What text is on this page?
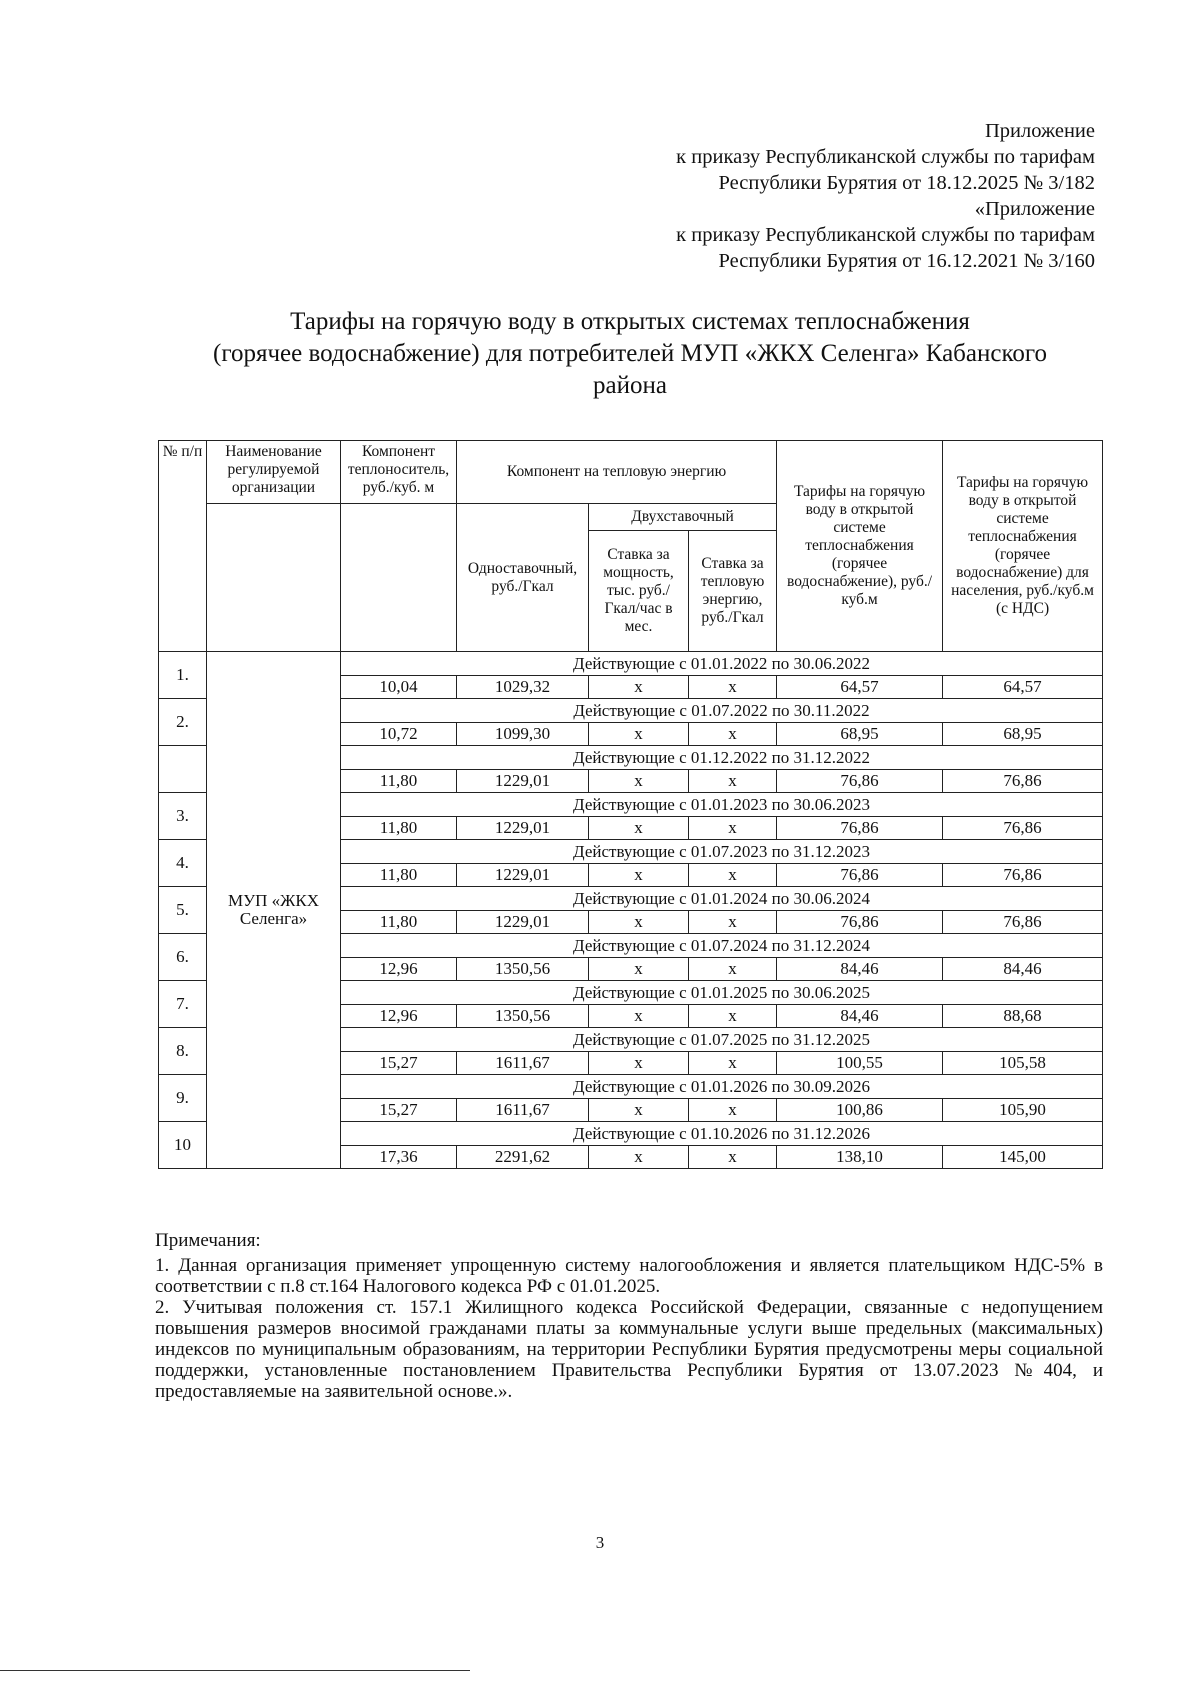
Приложение
к приказу Республиканской службы по тарифам
Республики Бурятия от 18.12.2025 № 3/182
«Приложение
к приказу Республиканской службы по тарифам
Республики Бурятия от 16.12.2021 № 3/160
Тарифы на горячую воду в открытых системах теплоснабжения
(горячее водоснабжение) для потребителей МУП «ЖКХ Селенга» Кабанского
района
№ п/п	Наименование регулируемой организации	Компонент теплоноситель, руб./куб. м	Компонент на тепловую энергию			Тарифы на горячую воду в открытой системе теплоснабжения (горячее водоснабжение), руб./куб.м	Тарифы на горячую воду в открытой системе теплоснабжения (горячее водоснабжение) для населения, руб./куб.м (с НДС)
			Одноставочный, руб./Гкал	Двухставочный			
				Ставка за мощность, тыс. руб./Гкал/час в мес.	Ставка за тепловую энергию, руб./Гкал		
1.	МУП «ЖКХ Селенга»	Действующие с 01.01.2022 по 30.06.2022					
		10,04	1029,32	х	х	64,57	64,57
2.		Действующие с 01.07.2022 по 30.11.2022					
		10,72	1099,30	х	х	68,95	68,95
		Действующие с 01.12.2022 по 31.12.2022					
		11,80	1229,01	х	х	76,86	76,86
3.		Действующие с 01.01.2023 по 30.06.2023					
		11,80	1229,01	х	х	76,86	76,86
4.		Действующие с 01.07.2023 по 31.12.2023					
		11,80	1229,01	х	х	76,86	76,86
5.		Действующие с 01.01.2024 по 30.06.2024					
		11,80	1229,01	х	х	76,86	76,86
6.		Действующие с 01.07.2024 по 31.12.2024					
		12,96	1350,56	х	х	84,46	84,46
7.		Действующие с 01.01.2025 по 30.06.2025					
		12,96	1350,56	х	х	84,46	88,68
8.		Действующие с 01.07.2025 по 31.12.2025					
		15,27	1611,67	х	х	100,55	105,58
9.		Действующие с 01.01.2026 по 30.09.2026					
		15,27	1611,67	х	х	100,86	105,90
10		Действующие с 01.10.2026 по 31.12.2026					
		17,36	2291,62	х	х	138,10	145,00
Примечания:

1. Данная организация применяет упрощенную систему налогообложения и является плательщиком НДС-5% в соответствии с п.8 ст.164 Налогового кодекса РФ с 01.01.2025.

2. Учитывая положения ст. 157.1 Жилищного кодекса Российской Федерации, связанные с недопущением повышения размеров вносимой гражданами платы за коммунальные услуги выше предельных (максимальных) индексов по муниципальным образованиям, на территории Республики Бурятия предусмотрены меры социальной поддержки, установленные постановлением Правительства Республики Бурятия от 13.07.2023 №404, и предоставляемые на заявительной основе.».

3
